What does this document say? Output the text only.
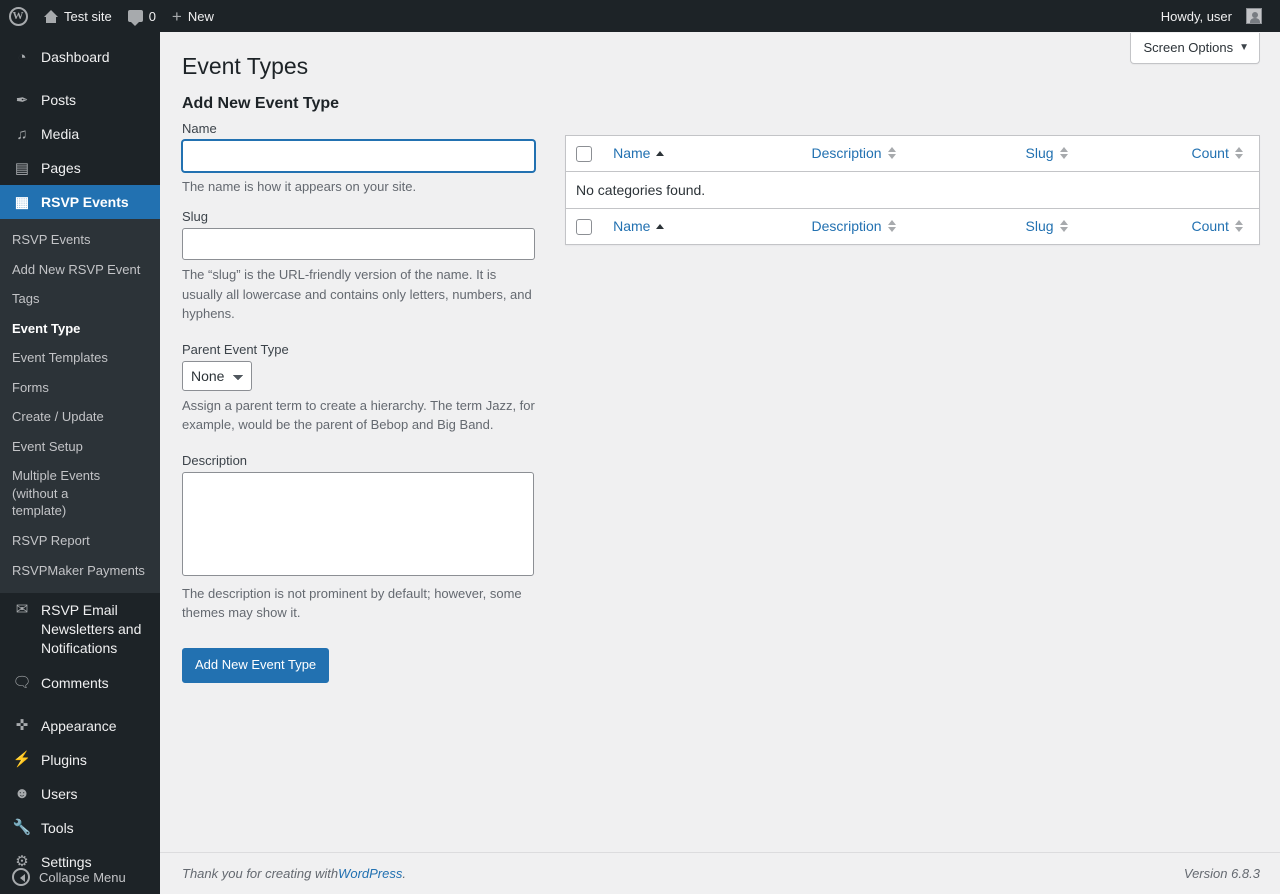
W
Test site	0 + New	Howdy, user
◔	Dashboard
✒ Posts
♫ Media
▤ Pages
▦ RSVP Events
RSVP Events
Add New RSVP Event
Tags
Event Type
Event Templates
Forms
Create / Update
Event Setup
Multiple Events (without a template)
RSVP Report
RSVPMaker Payments
✉ RSVP Email Newsletters and Notifications
🗨 Comments
✜ Appearance
⚡ Plugins
☻ Users
🔧 Tools
⚙ Settings
Collapse Menu
Screen Options ▼
Event Types
Add New Event Type
Name

The name is how it appears on your site.

Slug

The “slug” is the URL-friendly version of the name. It is usually all lowercase and contains only letters, numbers, and hyphens.

Parent Event Type
None

Assign a parent term to create a hierarchy. The term Jazz, for example, would be the parent of Bebop and Big Band.

Description

The description is not prominent by default; however, some themes may show it.

Add New Event Type

Name	Description	Slug	Count

No categories found.				

Name	Description	Slug	Count
Thank you for creating with WordPress .	Version 6.8.3
